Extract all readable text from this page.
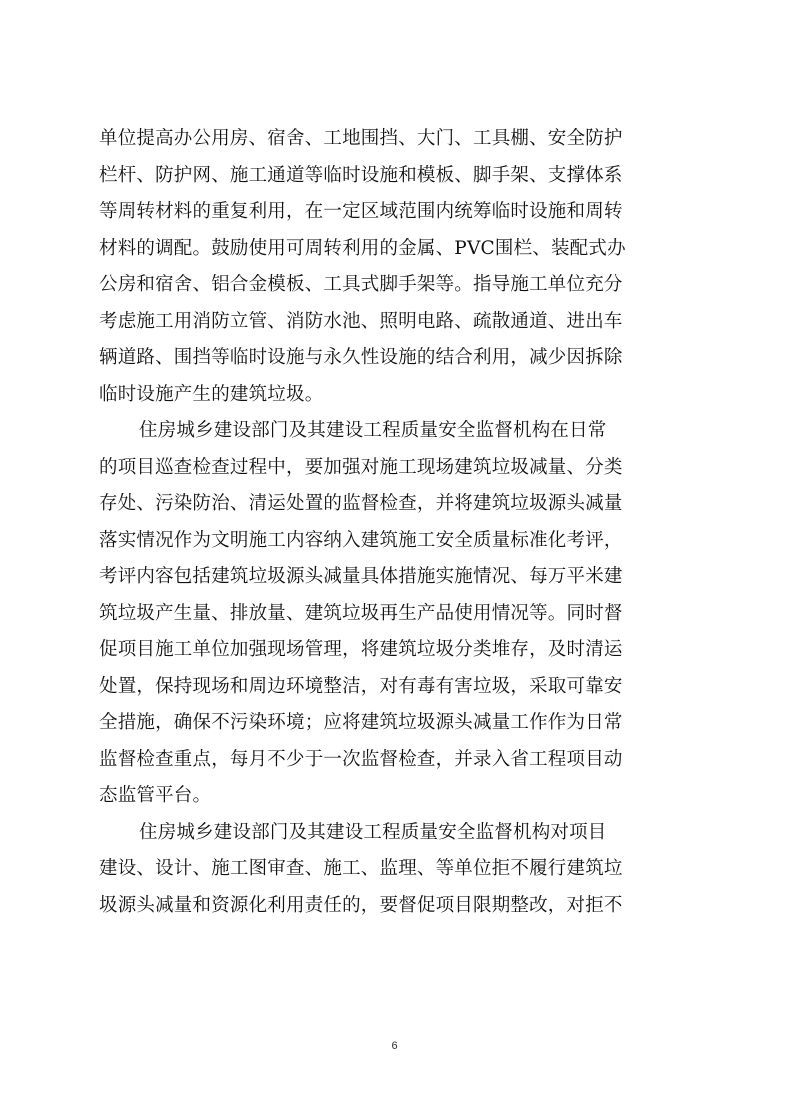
单位提高办公用房、宿舍、工地围挡、大门、工具棚、安全防护
栏杆、防护网、施工通道等临时设施和模板、脚手架、支撑体系
等周转材料的重复利用，在一定区域范围内统筹临时设施和周转
材料的调配。鼓励使用可周转利用的金属、PVC围栏、装配式办
公房和宿舍、铝合金模板、工具式脚手架等。指导施工单位充分
考虑施工用消防立管、消防水池、照明电路、疏散通道、进出车
辆道路、围挡等临时设施与永久性设施的结合利用，减少因拆除
临时设施产生的建筑垃圾。
住房城乡建设部门及其建设工程质量安全监督机构在日常
的项目巡查检查过程中，要加强对施工现场建筑垃圾减量、分类
存处、污染防治、清运处置的监督检查，并将建筑垃圾源头减量
落实情况作为文明施工内容纳入建筑施工安全质量标准化考评，
考评内容包括建筑垃圾源头减量具体措施实施情况、每万平米建
筑垃圾产生量、排放量、建筑垃圾再生产品使用情况等。同时督
促项目施工单位加强现场管理，将建筑垃圾分类堆存，及时清运
处置，保持现场和周边环境整洁，对有毒有害垃圾，采取可靠安
全措施，确保不污染环境；应将建筑垃圾源头减量工作作为日常
监督检查重点，每月不少于一次监督检查，并录入省工程项目动
态监管平台。
住房城乡建设部门及其建设工程质量安全监督机构对项目
建设、设计、施工图审查、施工、监理、等单位拒不履行建筑垃
圾源头减量和资源化利用责任的，要督促项目限期整改，对拒不
6
